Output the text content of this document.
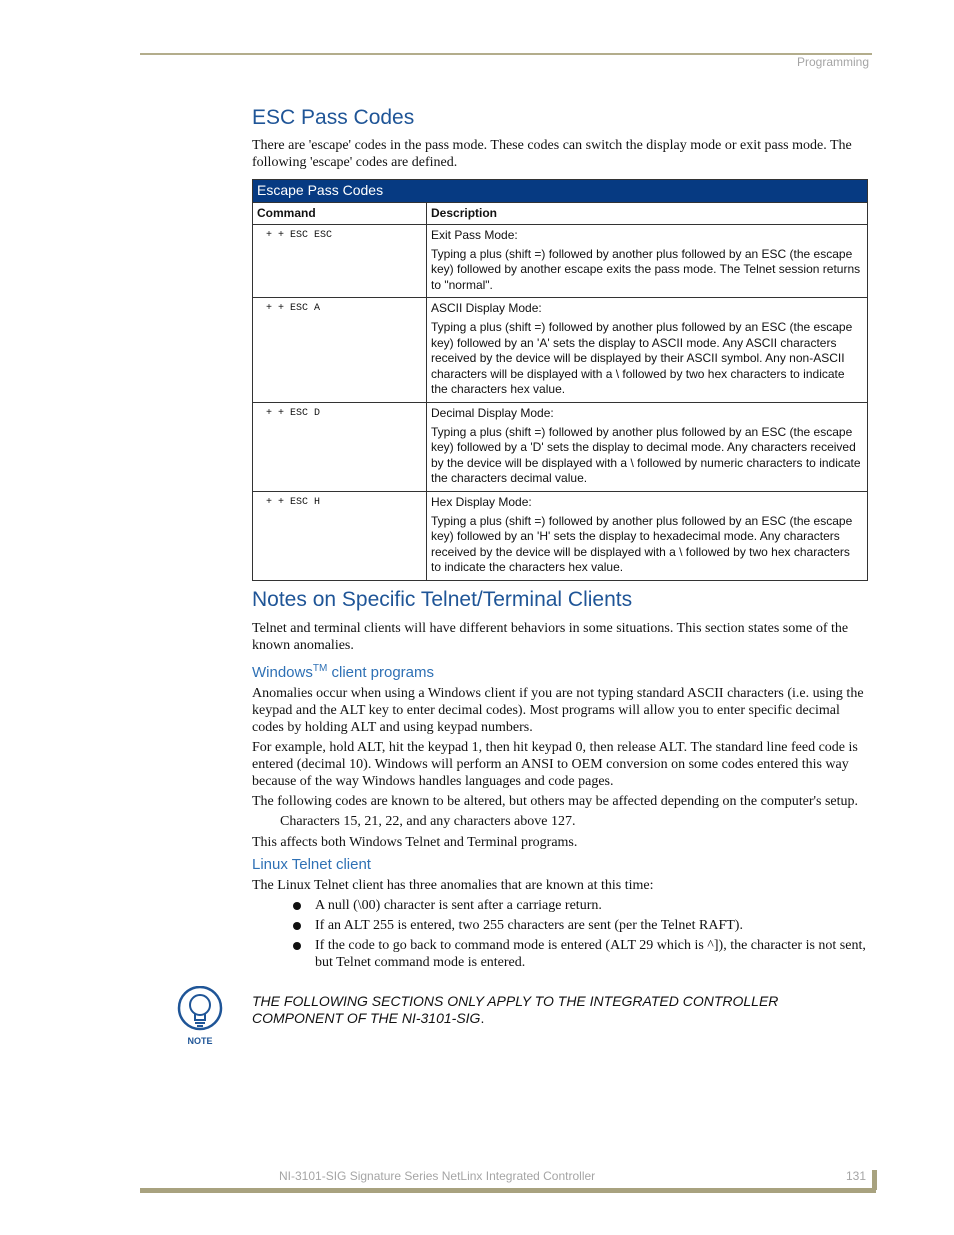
Programming
ESC Pass Codes

There are 'escape' codes in the pass mode. These codes can switch the display mode or exit pass mode. The following 'escape' codes are defined.

Escape Pass Codes	
Command	Description
+ + ESC ESC	Exit Pass Mode:
Typing a plus (shift =) followed by another plus followed by an ESC (the escape key) followed by another escape exits the pass mode. The Telnet session returns to "normal".

+ + ESC A	ASCII Display Mode:
Typing a plus (shift =) followed by another plus followed by an ESC (the escape key) followed by an 'A' sets the display to ASCII mode. Any ASCII characters received by the device will be displayed by their ASCII symbol. Any non-ASCII characters will be displayed with a \ followed by two hex characters to indicate the characters hex value.

+ + ESC D	Decimal Display Mode:
Typing a plus (shift =) followed by another plus followed by an ESC (the escape key) followed by a 'D' sets the display to decimal mode. Any characters received by the device will be displayed with a \ followed by numeric characters to indicate the characters decimal value.

+ + ESC H	Hex Display Mode:
Typing a plus (shift =) followed by another plus followed by an ESC (the escape key) followed by an 'H' sets the display to hexadecimal mode. Any characters received by the device will be displayed with a \ followed by two hex characters to indicate the characters hex value.
Notes on Specific Telnet/Terminal Clients

Telnet and terminal clients will have different behaviors in some situations. This section states some of the known anomalies.

Windows™ client programs

Anomalies occur when using a Windows client if you are not typing standard ASCII characters (i.e. using the keypad and the ALT key to enter decimal codes). Most programs will allow you to enter specific decimal codes by holding ALT and using keypad numbers.

For example, hold ALT, hit the keypad 1, then hit keypad 0, then release ALT. The standard line feed code is entered (decimal 10). Windows will perform an ANSI to OEM conversion on some codes entered this way because of the way Windows handles languages and code pages.

The following codes are known to be altered, but others may be affected depending on the computer's setup.

Characters 15, 21, 22, and any characters above 127.

This affects both Windows Telnet and Terminal programs.

Linux Telnet client

The Linux Telnet client has three anomalies that are known at this time:

A null (\00) character is sent after a carriage return.
If an ALT 255 is entered, two 255 characters are sent (per the Telnet RAFT).
If the code to go back to command mode is entered (ALT 29 which is ^]), the character is not sent, but Telnet command mode is entered.
NOTE
THE FOLLOWING SECTIONS ONLY APPLY TO THE INTEGRATED CONTROLLER
COMPONENT OF THE NI-3101-SIG.
NI-3101-SIG Signature Series NetLinx Integrated Controller	131
